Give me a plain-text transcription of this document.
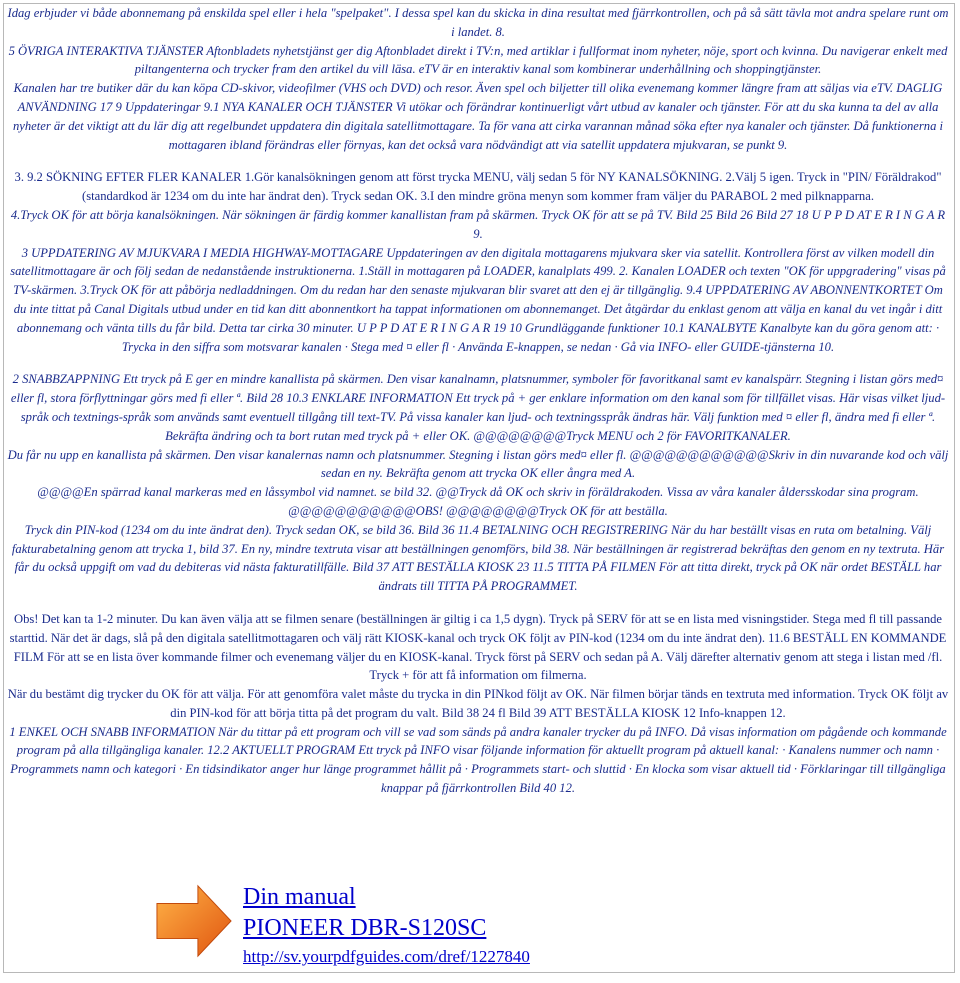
Idag erbjuder vi både abonnemang på enskilda spel eller i hela "spelpaket". I dessa spel kan du skicka in dina resultat med fjärrkontrollen, och på så sätt tävla mot andra spelare runt om i landet. 8.

5 ÖVRIGA INTERAKTIVA TJÄNSTER Aftonbladets nyhetstjänst ger dig Aftonbladet direkt i TV:n, med artiklar i fullformat inom nyheter, nöje, sport och kvinna. Du navigerar enkelt med piltangenterna och trycker fram den artikel du vill läsa. eTV är en interaktiv kanal som kombinerar underhållning och shoppingtjänster.

Kanalen har tre butiker där du kan köpa CD-skivor, videofilmer (VHS och DVD) och resor. Även spel och biljetter till olika evenemang kommer längre fram att säljas via eTV. DAGLIG ANVÄNDNING 17 9 Uppdateringar 9.1 NYA KANALER OCH TJÄNSTER Vi utökar och förändrar kontinuerligt vårt utbud av kanaler och tjänster. För att du ska kunna ta del av alla nyheter är det viktigt att du lär dig att regelbundet uppdatera din digitala satellitmottagare. Ta för vana att cirka varannan månad söka efter nya kanaler och tjänster. Då funktionerna i mottagaren ibland förändras eller förnyas, kan det också vara nödvändigt att via satellit uppdatera mjukvaran, se punkt 9.

3. 9.2 SÖKNING EFTER FLER KANALER 1.Gör kanalsökningen genom att först trycka MENU, välj sedan 5 för NY KANALSÖKNING. 2.Välj 5 igen. Tryck in "PIN/ Föräldrakod" (standardkod är 1234 om du inte har ändrat den). Tryck sedan OK. 3.I den mindre gröna menyn som kommer fram väljer du PARABOL 2 med pilknapparna.

4.Tryck OK för att börja kanalsökningen. När sökningen är färdig kommer kanallistan fram på skärmen. Tryck OK för att se på TV. Bild 25 Bild 26 Bild 27 18 U P P D AT E R I N G A R 9.

3 UPPDATERING AV MJUKVARA I MEDIA HIGHWAY-MOTTAGARE Uppdateringen av den digitala mottagarens mjukvara sker via satellit. Kontrollera först av vilken modell din satellitmottagare är och följ sedan de nedanstående instruktionerna. 1.Ställ in mottagaren på LOADER, kanalplats 499. 2. Kanalen LOADER och texten "OK för uppgradering" visas på TV-skärmen. 3.Tryck OK för att påbörja nedladdningen. Om du redan har den senaste mjukvaran blir svaret att den ej är tillgänglig. 9.4 UPPDATERING AV ABONNENTKORTET Om du inte tittat på Canal Digitals utbud under en tid kan ditt abonnentkort ha tappat informationen om abonnemanget. Det åtgärdar du enklast genom att välja en kanal du vet ingår i ditt abonnemang och vänta tills du får bild. Detta tar cirka 30 minuter. U P P D AT E R I N G A R 19 10 Grundläggande funktioner 10.1 KANALBYTE Kanalbyte kan du göra genom att: · Trycka in den siffra som motsvarar kanalen · Stega med ¤ eller fl · Använda E-knappen, se nedan · Gå via INFO- eller GUIDE-tjänsterna 10.

2 SNABBZAPPNING Ett tryck på E ger en mindre kanallista på skärmen. Den visar kanalnamn, platsnummer, symboler för favoritkanal samt ev kanalspärr. Stegning i listan görs med¤ eller fl, stora förflyttningar görs med fi eller ª. Bild 28 10.3 ENKLARE INFORMATION Ett tryck på + ger enklare information om den kanal som för tillfället visas. Här visas vilket ljud-språk och textnings-språk som används samt eventuell tillgång till text-TV. På vissa kanaler kan ljud- och textningsspråk ändras här. Välj funktion med ¤ eller fl, ändra med fi eller ª. Bekräfta ändring och ta bort rutan med tryck på + eller OK. @@@@@@@@Tryck MENU och 2 för FAVORITKANALER.

Du får nu upp en kanallista på skärmen. Den visar kanalernas namn och platsnummer. Stegning i listan görs med¤ eller fl. @@@@@@@@@@@@Skriv in din nuvarande kod och välj sedan en ny. Bekräfta genom att trycka OK eller ångra med A.

@@@@En spärrad kanal markeras med en låssymbol vid namnet. se bild 32. @@Tryck då OK och skriv in föräldrakoden. Vissa av våra kanaler åldersskodar sina program. @@@@@@@@@@@OBS! @@@@@@@@Tryck OK för att beställa.

Tryck din PIN-kod (1234 om du inte ändrat den). Tryck sedan OK, se bild 36. Bild 36 11.4 BETALNING OCH REGISTRERING När du har beställt visas en ruta om betalning. Välj fakturabetalning genom att trycka 1, bild 37. En ny, mindre textruta visar att beställningen genomförs, bild 38. När beställningen är registrerad bekräftas den genom en ny textruta. Här får du också uppgift om vad du debiteras vid nästa fakturatillfälle. Bild 37 ATT BESTÄLLA KIOSK 23 11.5 TITTA PÅ FILMEN För att titta direkt, tryck på OK när ordet BESTÄLL har ändrats till TITTA PÅ PROGRAMMET.

Obs! Det kan ta 1-2 minuter. Du kan även välja att se filmen senare (beställningen är giltig i ca 1,5 dygn). Tryck på SERV för att se en lista med visningstider. Stega med fl till passande starttid. När det är dags, slå på den digitala satellitmottagaren och välj rätt KIOSK-kanal och tryck OK följt av PIN-kod (1234 om du inte ändrat den). 11.6 BESTÄLL EN KOMMANDE FILM För att se en lista över kommande filmer och evenemang väljer du en KIOSK-kanal. Tryck först på SERV och sedan på A. Välj därefter alternativ genom att stega i listan med /fl. Tryck + för att få information om filmerna.

När du bestämt dig trycker du OK för att välja. För att genomföra valet måste du trycka in din PINkod följt av OK. När filmen börjar tänds en textruta med information. Tryck OK följt av din PIN-kod för att börja titta på det program du valt. Bild 38 24 fl Bild 39 ATT BESTÄLLA KIOSK 12 Info-knappen 12.

1 ENKEL OCH SNABB INFORMATION När du tittar på ett program och vill se vad som sänds på andra kanaler trycker du på INFO. Då visas information om pågående och kommande program på alla tillgängliga kanaler. 12.2 AKTUELLT PROGRAM Ett tryck på INFO visar följande information för aktuellt program på aktuell kanal: · Kanalens nummer och namn · Programmets namn och kategori · En tidsindikator anger hur länge programmet hållit på · Programmets start- och sluttid · En klocka som visar aktuell tid · Förklaringar till tillgängliga knappar på fjärrkontrollen Bild 40 12.

Din manual
PIONEER DBR-S120SC
http://sv.yourpdfguides.com/dref/1227840
